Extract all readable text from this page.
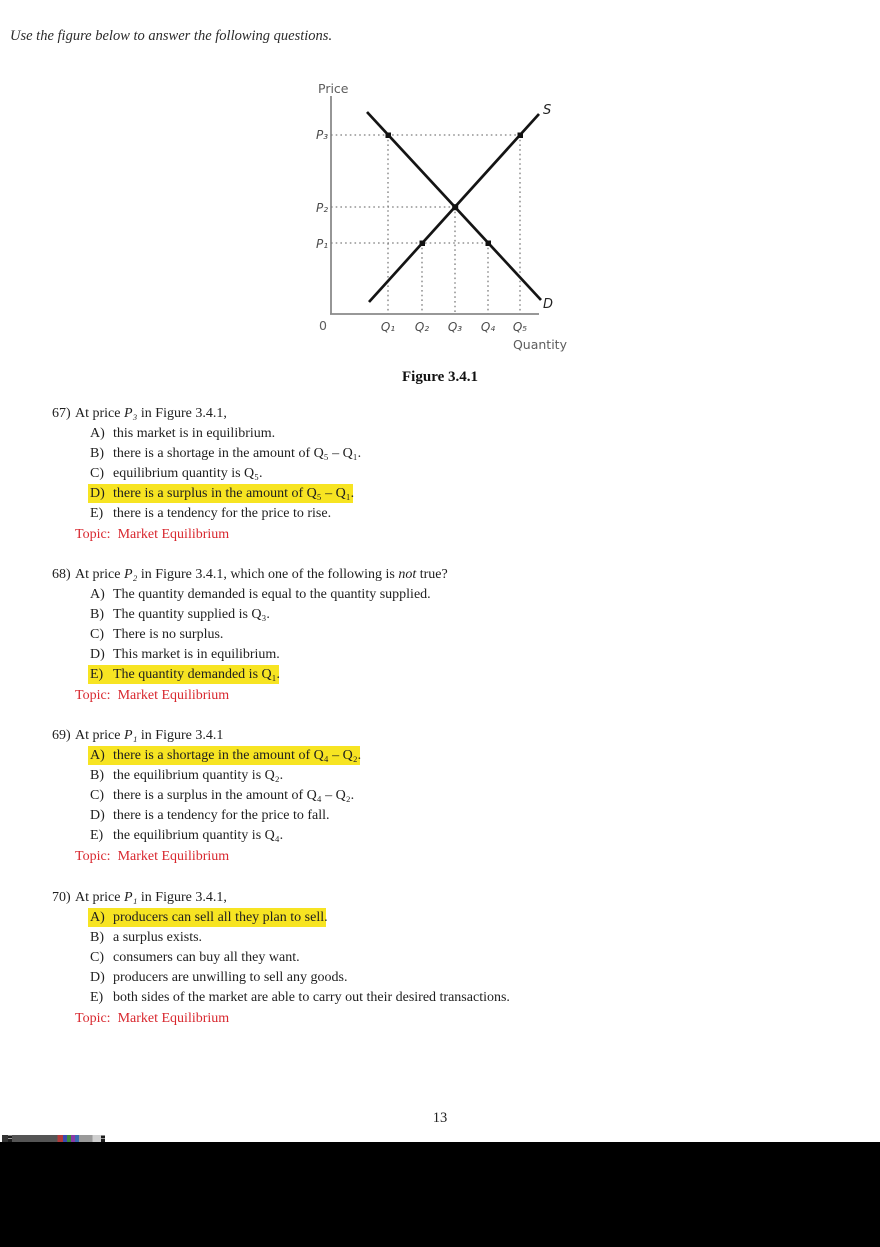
Use the figure below to answer the following questions.
Price
P₃
P₂
P₁
0	Q₁ Q₂ Q₃ Q₄ Q₅
Quantity
S
D
Figure 3.4.1
67) At price P₃ in Figure 3.4.1,
A) this market is in equilibrium.
B) there is a shortage in the amount of Q₅ – Q₁.
C) equilibrium quantity is Q₅.
D) there is a surplus in the amount of Q₅ – Q₁.
E) there is a tendency for the price to rise.
Topic: Market Equilibrium
68) At price P₂ in Figure 3.4.1, which one of the following is not true?
A) The quantity demanded is equal to the quantity supplied.
B) The quantity supplied is Q₃.
C) There is no surplus.
D) This market is in equilibrium.
E) The quantity demanded is Q₁.
Topic: Market Equilibrium
69) At price P₁ in Figure 3.4.1
A) there is a shortage in the amount of Q₄ – Q₂.
B) the equilibrium quantity is Q₂.
C) there is a surplus in the amount of Q₄ – Q₂.
D) there is a tendency for the price to fall.
E) the equilibrium quantity is Q₄.
Topic: Market Equilibrium
70) At price P₁ in Figure 3.4.1,
A) producers can sell all they plan to sell.
B) a surplus exists.
C) consumers can buy all they want.
D) producers are unwilling to sell any goods.
E) both sides of the market are able to carry out their desired transactions.
Topic: Market Equilibrium
13
